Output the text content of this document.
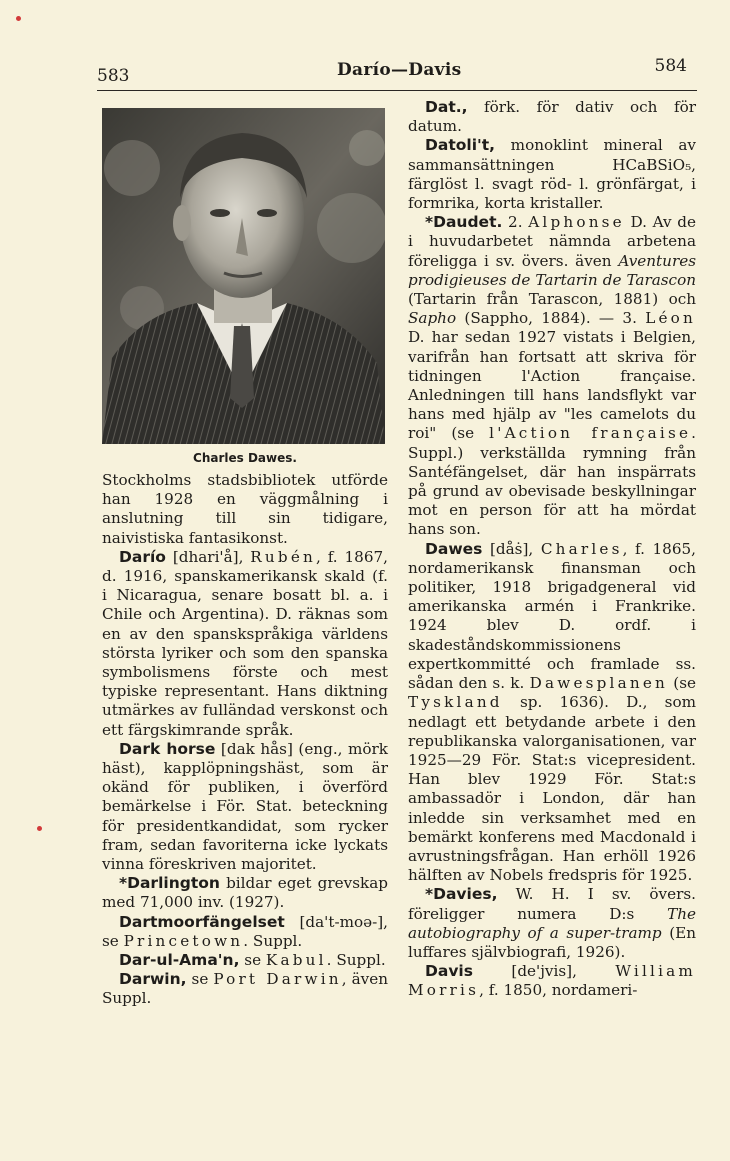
583	Darío—Davis	584
Charles Dawes.

Stockholms stadsbibliotek utförde han 1928 en väggmålning i anslutning till sin tidigare, naivistiska fantasikonst.

Darío [dhari'å], Rubén, f. 1867, d. 1916, spanskamerikansk skald (f. i Nicaragua, senare bosatt bl. a. i Chile och Argentina). D. räknas som en av den spanskspråkiga världens största lyriker och som den spanska symbolismens förste och mest typiske representant. Hans diktning utmärkes av fulländad verskonst och ett färgskimrande språk.

Dark horse [dak hås] (eng., mörk häst), kapplöpningshäst, som är okänd för publiken, i överförd bemärkelse i För. Stat. beteckning för presidentkandidat, som rycker fram, sedan favoriterna icke lyckats vinna föreskriven majoritet.

*Darlington bildar eget grevskap med 71,000 inv. (1927).

Dartmoorfängelset [da't-moə-], se Princetown. Suppl.

Dar-ul-Ama'n, se Kabul. Suppl.

Darwin, se Port Darwin, även Suppl.

Dat., förk. för dativ och för datum.

Datoli't, monoklint mineral av sammansättningen HCaBSiO₅, färglöst l. svagt röd- l. grönfärgat, i formrika, korta kristaller.

*Daudet. 2. Alphonse D. Av de i huvudarbetet nämnda arbetena föreligga i sv. övers. även Aventures prodigieuses de Tartarin de Tarascon (Tartarin från Tarascon, 1881) och Sapho (Sappho, 1884). — 3. Léon D. har sedan 1927 vistats i Belgien, varifrån han fortsatt att skriva för tidningen l'Action française. Anledningen till hans landsflykt var hans med hjälp av "les camelots du roi" (se l'Action française. Suppl.) verkställda rymning från Santéfängelset, där han inspärrats på grund av obevisade beskyllningar mot en person för att ha mördat hans son.

Dawes [dåṡ], Charles, f. 1865, nordamerikansk finansman och politiker, 1918 brigadgeneral vid amerikanska armén i Frankrike. 1924 blev D. ordf. i skadeståndskommissionens expertkommitté och framlade ss. sådan den s. k. Dawesplanen (se Tyskland sp. 1636). D., som nedlagt ett betydande arbete i den republikanska valorganisationen, var 1925—29 För. Stat:s vicepresident. Han blev 1929 För. Stat:s ambassadör i London, där han inledde sin verksamhet med en bemärkt konferens med Macdonald i avrustningsfrågan. Han erhöll 1926 hälften av Nobels fredspris för 1925.

*Davies, W. H. I sv. övers. föreligger numera D:s The autobiography of a super-tramp (En luffares självbiografi, 1926).

Davis [de'jvis], William Morris, f. 1850, nordameri-
